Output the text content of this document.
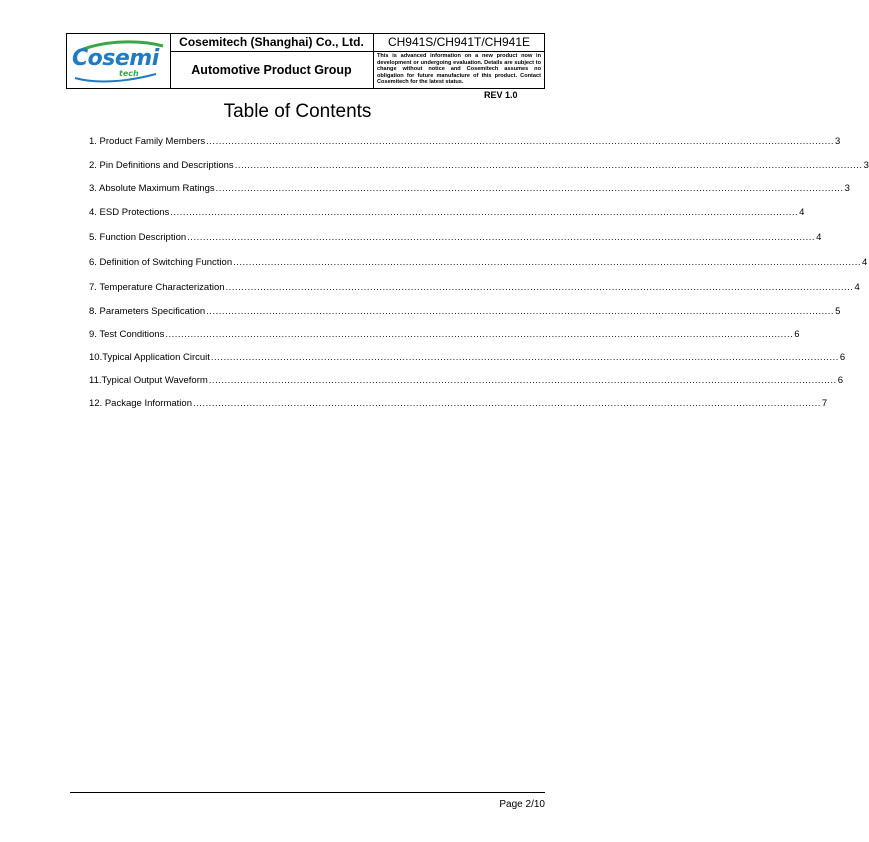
Cosemi
tech
Cosemitech (Shanghai) Co., Ltd.
Automotive Product Group
CH941S/CH941T/CH941E
This is advanced information on a new product now in development or undergoing evaluation. Details are subject to change without notice and Cosemitech assumes no obligation for future manufacture of this product. Contact Cosemitech for the latest status.
REV 1.0
Table of Contents
1. Product Family Members ........................................................................................................................................................................................................ 3
2. Pin Definitions and Descriptions ........................................................................................................................................................................................................ 3
3. Absolute Maximum Ratings ........................................................................................................................................................................................................ 3
4. ESD Protections ........................................................................................................................................................................................................ 4
5. Function Description ........................................................................................................................................................................................................ 4
6. Definition of Switching Function ........................................................................................................................................................................................................ 4
7. Temperature Characterization ........................................................................................................................................................................................................ 4
8. Parameters Specification ........................................................................................................................................................................................................ 5
9. Test Conditions ........................................................................................................................................................................................................ 6
10.Typical Application Circuit ........................................................................................................................................................................................................ 6
11.Typical Output Waveform ........................................................................................................................................................................................................ 6
12. Package Information ........................................................................................................................................................................................................ 7
Page 2/10
